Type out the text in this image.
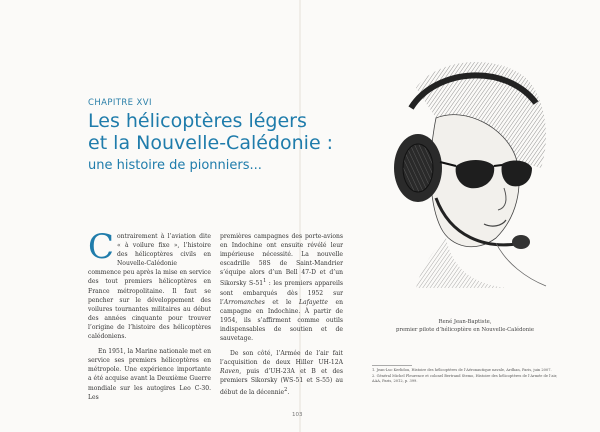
CHAPITRE XVI
Les hélicoptères légers
et la Nouvelle-Calédonie :
une histoire de pionniers...

Contrairement à l’aviation dite « à voilure fixe », l’histoire des hélicoptères civils en Nouvelle-Calédonie commence peu après la mise en service des tout premiers hélicoptères en France métropolitaine. Il faut se pencher sur le développement des voilures tournantes militaires au début des années cinquante pour trouver l’origine de l’histoire des hélicoptères calédoniens.

En 1951, la Marine nationale met en service ses premiers hélicoptères en métropole. Une expérience importante a été acquise avant la Deuxième Guerre mondiale sur les autogires Leo C-30. Les

premières campagnes des porte-avions en Indochine ont ensuite révélé leur impérieuse nécessité. La nouvelle escadrille 58S de Saint-Mandrier s’équipe alors d’un Bell 47-D et d’un Sikorsky $S-51^1$ : les premiers appareils sont embarqués dès 1952 sur l’Arromanches et le Lafayette en campagne en Indochine. À partir de 1954, ils s’affirment comme outils indispensables de soutien et de sauvetage.

De son côté, l’Armée de l’air fait l’acquisition de deux Hiller UH-12A Raven, puis d’UH-23A et B et des premiers Sikorsky (WS-51 et S-55) au début de la décennie$^2$.

René Jean-Baptiste,
premier pilote d’hélicoptère en Nouvelle-Calédonie
1. Jean-Luc Kerlidou, Histoire des hélicoptères de l’Aéronautique navale, Ardhan, Paris, juin 2007.
2. Général Michel Fleurence et colonel Bertrand Stemo, Histoire des hélicoptères de l’Armée de l’air, AAA, Paris, 2012, p. 399.
103
